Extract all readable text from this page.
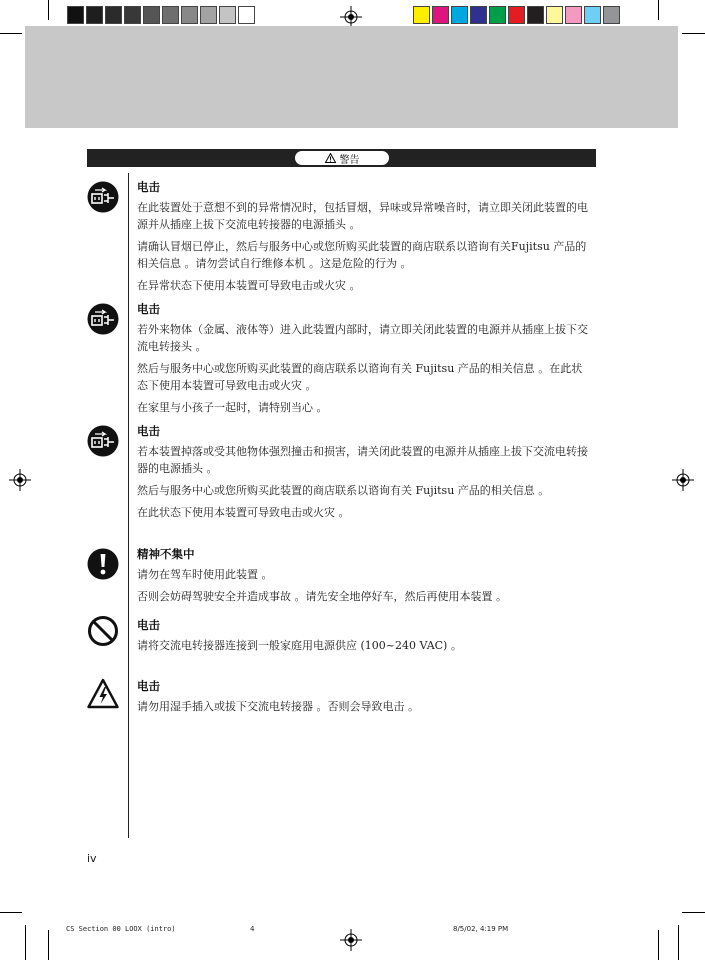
警告
电击

在此装置处于意想不到的异常情况时，包括冒烟，异味或异常噪音时，请立即关闭此装置的电源并从插座上拔下交流电转接器的电源插头 。

请确认冒烟已停止，然后与服务中心或您所购买此装置的商店联系以谘询有关Fujitsu 产品的相关信息 。请勿尝试自行维修本机 。这是危险的行为 。

在异常状态下使用本装置可导致电击或火灾 。

电击

若外来物体（金属、液体等）进入此装置内部时，请立即关闭此装置的电源并从插座上拔下交流电转接头 。

然后与服务中心或您所购买此装置的商店联系以谘询有关 Fujitsu 产品的相关信息 。在此状态下使用本装置可导致电击或火灾 。

在家里与小孩子一起时，请特别当心 。

电击

若本装置掉落或受其他物体强烈撞击和损害，请关闭此装置的电源并从插座上拔下交流电转接器的电源插头 。

然后与服务中心或您所购买此装置的商店联系以谘询有关 Fujitsu 产品的相关信息 。

在此状态下使用本装置可导致电击或火灾 。

精神不集中

请勿在驾车时使用此装置 。

否则会妨碍驾驶安全并造成事故 。请先安全地停好车，然后再使用本装置 。

电击

请将交流电转接器连接到一般家庭用电源供应 (100~240 VAC) 。

电击

请勿用湿手插入或拔下交流电转接器 。否则会导致电击 。

iv
CS Section 00 LOOX (intro)	4	8/5/02, 4:19 PM
